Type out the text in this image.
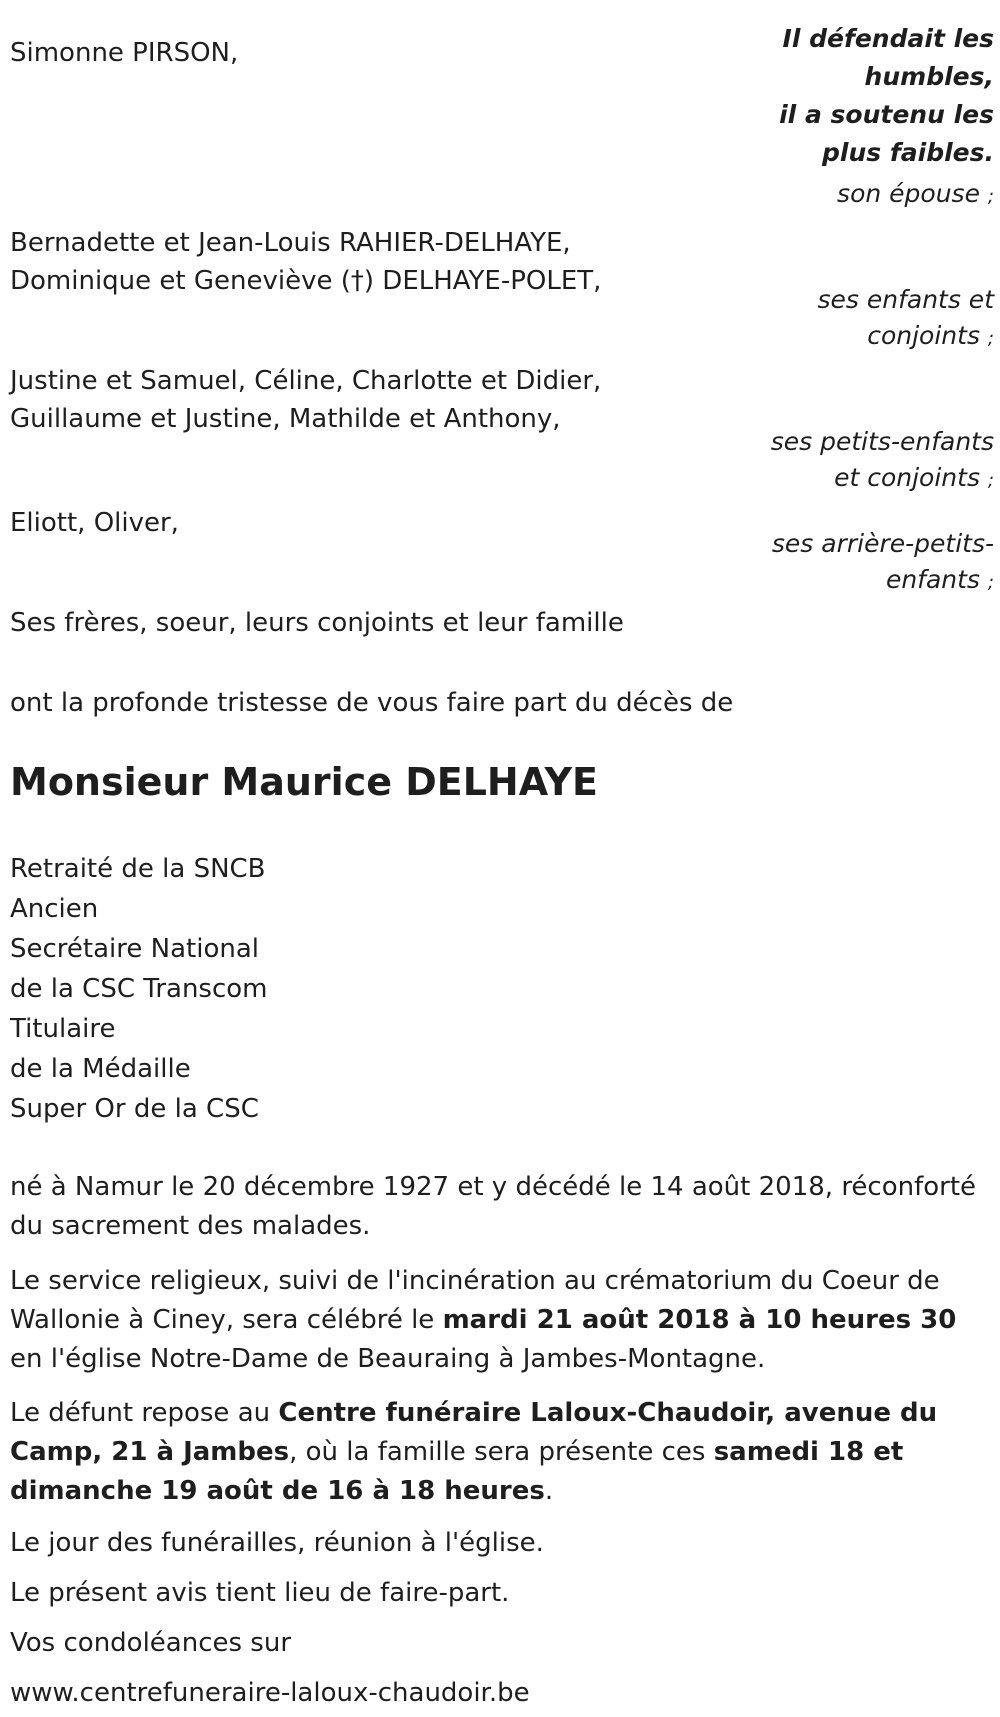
Il défendait les
humbles,
il a soutenu les
plus faibles.
Simonne PIRSON,
son épouse ;
Bernadette et Jean-Louis RAHIER-DELHAYE,
Dominique et Geneviève (†) DELHAYE-POLET,
ses enfants et
conjoints ;
Justine et Samuel, Céline, Charlotte et Didier,
Guillaume et Justine, Mathilde et Anthony,
ses petits-enfants
et conjoints ;
Eliott, Oliver,
ses arrière-petits-
enfants ;
Ses frères, soeur, leurs conjoints et leur famille
ont la profonde tristesse de vous faire part du décès de
Monsieur Maurice DELHAYE
Retraité de la SNCB
Ancien
Secrétaire National
de la CSC Transcom
Titulaire
de la Médaille
Super Or de la CSC
né à Namur le 20 décembre 1927 et y décédé le 14 août 2018, réconforté du sacrement des malades.
Le service religieux, suivi de l'incinération au crématorium du Coeur de Wallonie à Ciney, sera célébré le mardi 21 août 2018 à 10 heures 30 en l'église Notre-Dame de Beauraing à Jambes-Montagne.
Le défunt repose au Centre funéraire Laloux-Chaudoir, avenue du Camp, 21 à Jambes, où la famille sera présente ces samedi 18 et dimanche 19 août de 16 à 18 heures.
Le jour des funérailles, réunion à l'église.
Le présent avis tient lieu de faire-part.
Vos condoléances sur
www.centrefuneraire-laloux-chaudoir.be
